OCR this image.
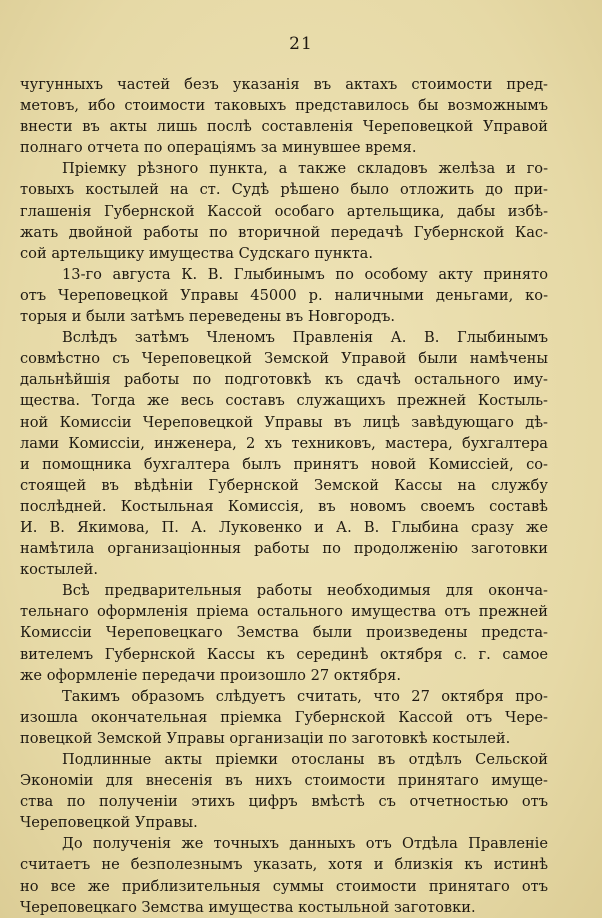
21
чугунныхъ частей безъ указанія въ актахъ стоимости пред-
метовъ, ибо стоимости таковыхъ представилось бы возможнымъ
внести въ акты лишь послѣ составленія Череповецкой Управой
полнаго отчета по операціямъ за минувшее время.
Пріемку рѣзного пункта, а также складовъ желѣза и го-
товыхъ костылей на ст. Судѣ рѣшено было отложить до при-
глашенія Губернской Кассой особаго артельщика, дабы избѣ-
жать двойной работы по вторичной передачѣ Губернской Кас-
сой артельщику имущества Судскаго пункта.
13-го августа К. В. Глыбинымъ по особому акту принято
отъ Череповецкой Управы 45000 р. наличными деньгами, ко-
торыя и были затѣмъ переведены въ Новгородъ.
Вслѣдъ затѣмъ Членомъ Правленія А. В. Глыбинымъ
совмѣстно съ Череповецкой Земской Управой были намѣчены
дальнѣйшія работы по подготовкѣ къ сдачѣ остального иму-
щества. Тогда же весь составъ служащихъ прежней Костыль-
ной Комиссіи Череповецкой Управы въ лицѣ завѣдующаго дѣ-
лами Комиссіи, инженера, 2 хъ техниковъ, мастера, бухгалтера
и помощника бухгалтера былъ принятъ новой Комиссіей, со-
стоящей въ вѣдѣніи Губернской Земской Кассы на службу
послѣдней. Костыльная Комиссія, въ новомъ своемъ составѣ
И. В. Якимова, П. А. Луковенко и А. В. Глыбина сразу же
намѣтила организаціонныя работы по продолженію заготовки
костылей.
Всѣ предварительныя работы необходимыя для оконча-
тельнаго оформленія пріема остального имущества отъ прежней
Комиссіи Череповецкаго Земства были произведены предста-
вителемъ Губернской Кассы къ серединѣ октября с. г. самое
же оформленіе передачи произошло 27 октября.
Такимъ образомъ слѣдуетъ считать, что 27 октября про-
изошла окончательная пріемка Губернской Кассой отъ Чере-
повецкой Земской Управы организаціи по заготовкѣ костылей.
Подлинные акты пріемки отосланы въ отдѣлъ Сельской
Экономіи для внесенія въ нихъ стоимости принятаго имуще-
ства по полученіи этихъ цифръ вмѣстѣ съ отчетностью отъ
Череповецкой Управы.
До полученія же точныхъ данныхъ отъ Отдѣла Правленіе
считаетъ не безполезнымъ указать, хотя и близкія къ истинѣ
но все же приблизительныя суммы стоимости принятаго отъ
Череповецкаго Земства имущества костыльной заготовки.
